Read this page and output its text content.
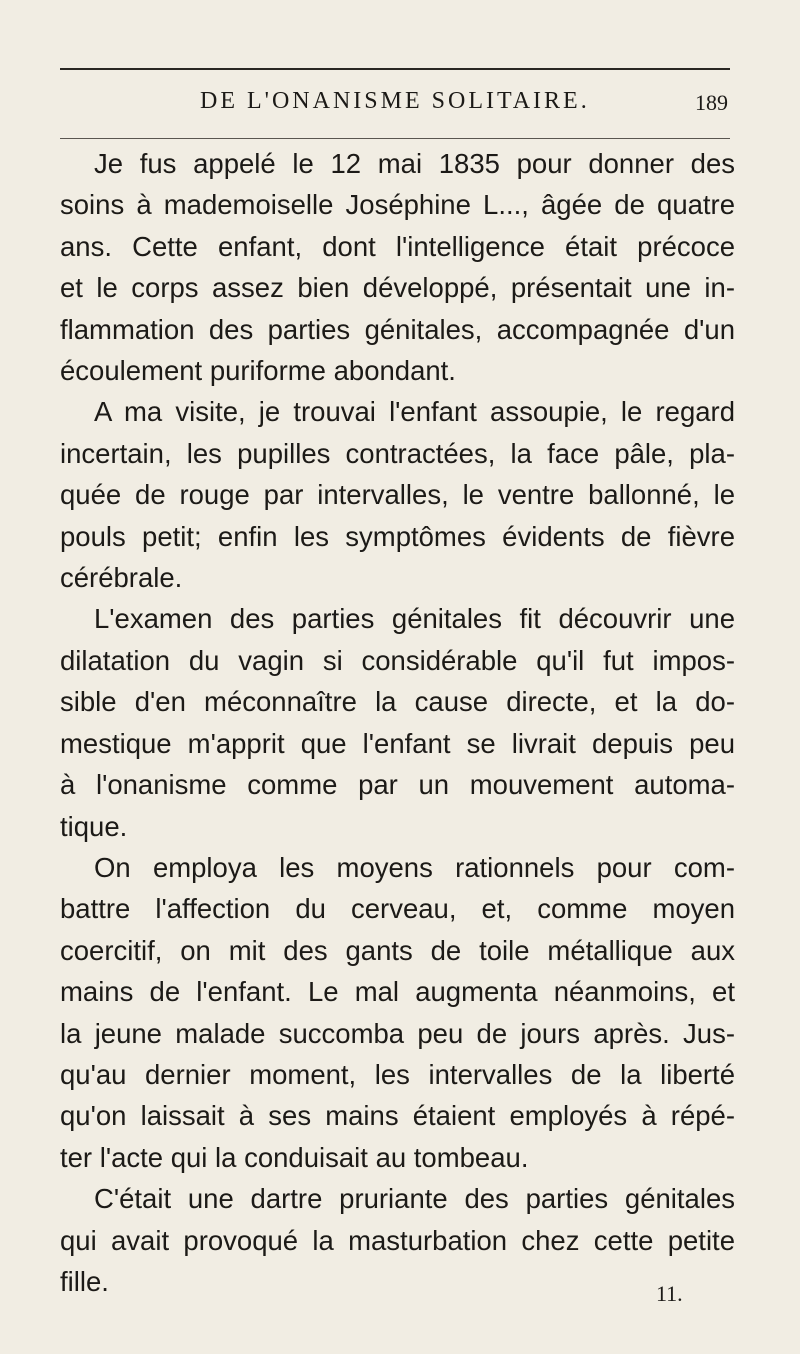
DE L'ONANISME SOLITAIRE.	189
Je fus appelé le 12 mai 1835 pour donner des
soins à mademoiselle Joséphine L..., âgée de quatre
ans. Cette enfant, dont l'intelligence était précoce
et le corps assez bien développé, présentait une in-
flammation des parties génitales, accompagnée d'un
écoulement puriforme abondant.
A ma visite, je trouvai l'enfant assoupie, le regard
incertain, les pupilles contractées, la face pâle, pla-
quée de rouge par intervalles, le ventre ballonné, le
pouls petit; enfin les symptômes évidents de fièvre
cérébrale.
L'examen des parties génitales fit découvrir une
dilatation du vagin si considérable qu'il fut impos-
sible d'en méconnaître la cause directe, et la do-
mestique m'apprit que l'enfant se livrait depuis peu
à l'onanisme comme par un mouvement automa-
tique.
On employa les moyens rationnels pour com-
battre l'affection du cerveau, et, comme moyen
coercitif, on mit des gants de toile métallique aux
mains de l'enfant. Le mal augmenta néanmoins, et
la jeune malade succomba peu de jours après. Jus-
qu'au dernier moment, les intervalles de la liberté
qu'on laissait à ses mains étaient employés à répé-
ter l'acte qui la conduisait au tombeau.
C'était une dartre pruriante des parties génitales
qui avait provoqué la masturbation chez cette petite
fille.	11.
